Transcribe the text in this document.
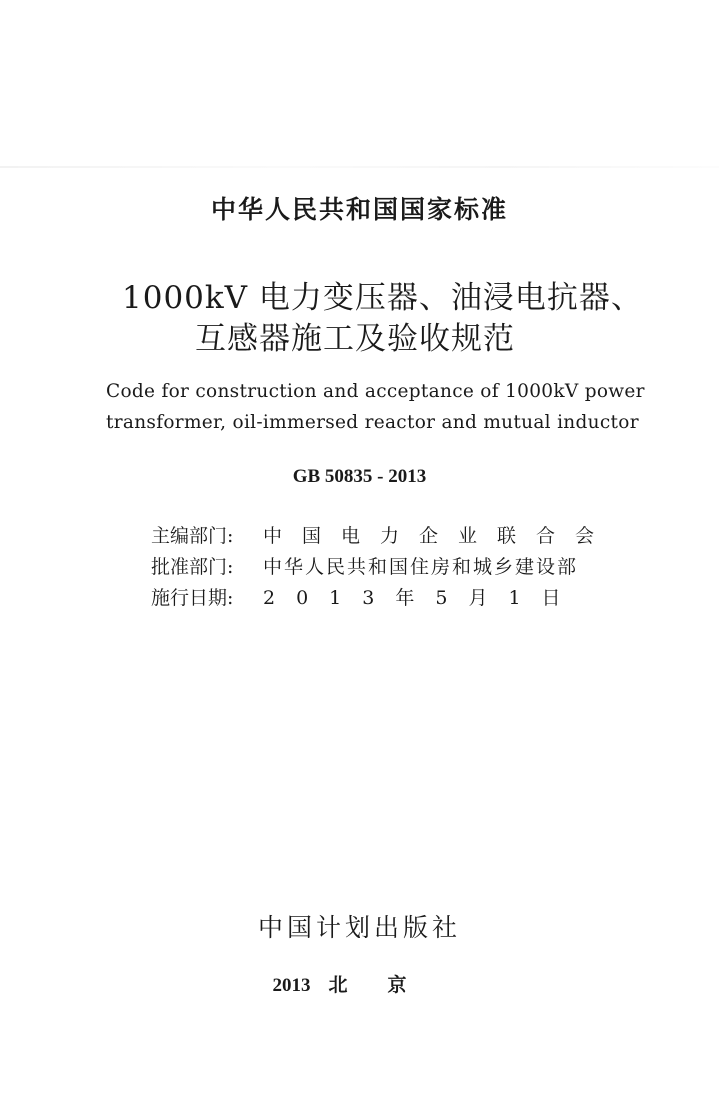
中华人民共和国国家标准
1000kV 电力变压器、油浸电抗器、
互感器施工及验收规范
Code for construction and acceptance of 1000kV power
transformer, oil-immersed reactor and mutual inductor
GB 50835 - 2013
主编部门: 中国电力企业联合会
批准部门: 中华人民共和国住房和城乡建设部
施行日期: 2013年5月1日
中国计划出版社
2013 北京
